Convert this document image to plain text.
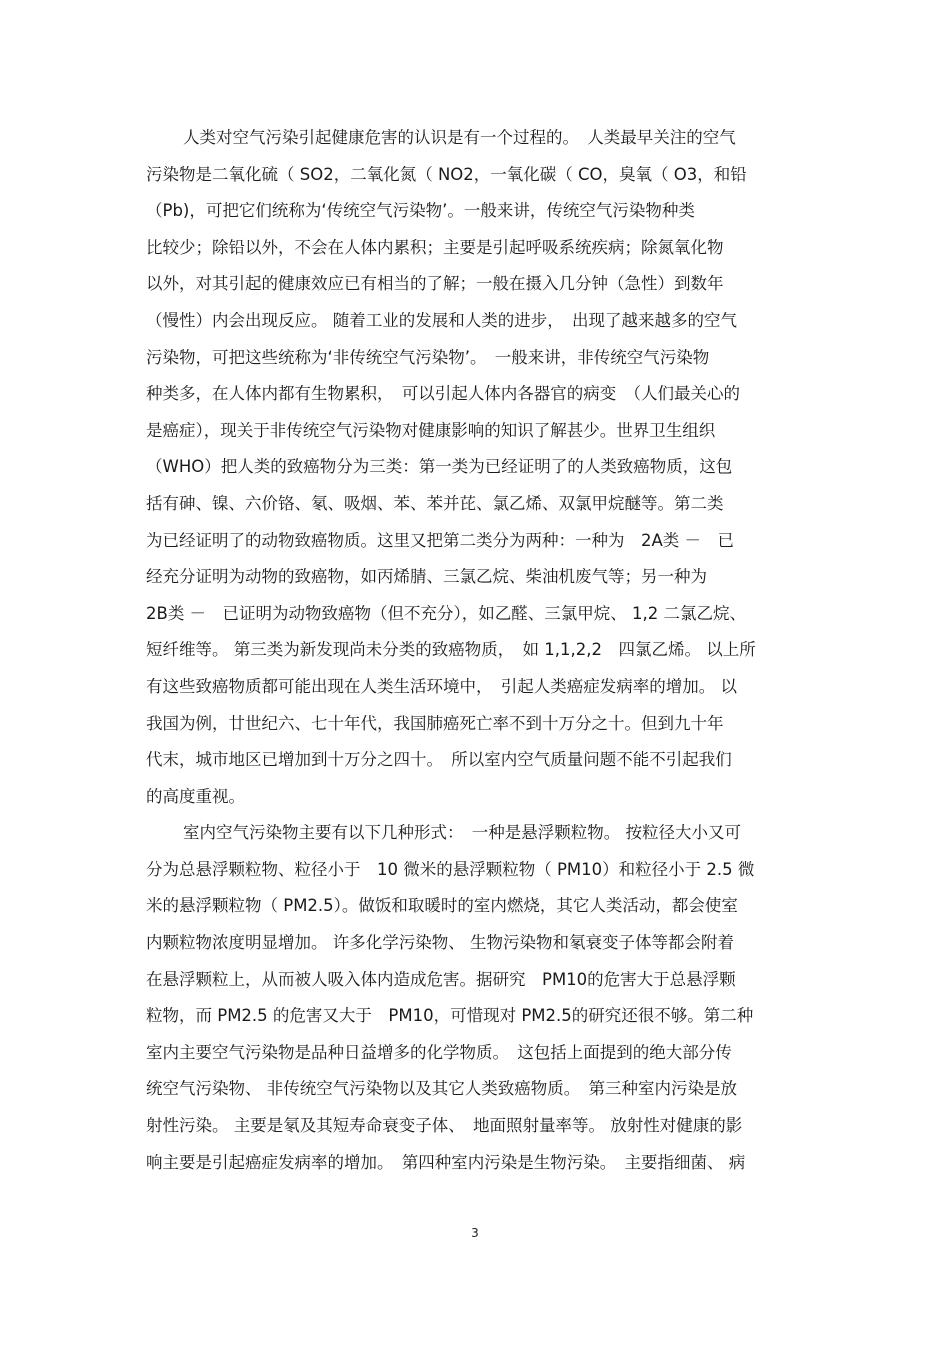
人类对空气污染引起健康危害的认识是有一个过程的。　人类最早关注的空气
污染物是二氧化硫（ SO2，二氧化氮（ NO2，一氧化碳（ CO，臭氧（ O3，和铅
（Pb)，可把它们统称为‘传统空气污染物’。一般来讲，传统空气污染物种类
比较少；除铅以外，不会在人体内累积；主要是引起呼吸系统疾病；除氮氧化物
以外，对其引起的健康效应已有相当的了解；一般在摄入几分钟（急性）到数年
（慢性）内会出现反应。 随着工业的发展和人类的进步，　出现了越来越多的空气
污染物，可把这些统称为‘非传统空气污染物’。　一般来讲，非传统空气污染物
种类多，在人体内都有生物累积，　可以引起人体内各器官的病变　（人们最关心的
是癌症），现关于非传统空气污染物对健康影响的知识了解甚少。世界卫生组织
（WHO）把人类的致癌物分为三类：第一类为已经证明了的人类致癌物质，这包
括有砷、镍、六价铬、氡、吸烟、苯、苯并芘、氯乙烯、双氯甲烷醚等。第二类
为已经证明了的动物致癌物质。这里又把第二类分为两种：一种为　2A类 －　已
经充分证明为动物的致癌物，如丙烯腈、三氯乙烷、柴油机废气等；另一种为
2B类 －　已证明为动物致癌物（但不充分），如乙醛、三氯甲烷、 1,2 二氯乙烷、
短纤维等。 第三类为新发现尚未分类的致癌物质，　如 1,1,2,2　四氯乙烯。 以上所
有这些致癌物质都可能出现在人类生活环境中，　引起人类癌症发病率的增加。 以
我国为例，廿世纪六、七十年代，我国肺癌死亡率不到十万分之十。但到九十年
代末，城市地区已增加到十万分之四十。　所以室内空气质量问题不能不引起我们
的高度重视。
室内空气污染物主要有以下几种形式：　一种是悬浮颗粒物。 按粒径大小又可
分为总悬浮颗粒物、粒径小于　10 微米的悬浮颗粒物（ PM10）和粒径小于 2.5 微
米的悬浮颗粒物（ PM2.5）。做饭和取暖时的室内燃烧，其它人类活动，都会使室
内颗粒物浓度明显增加。 许多化学污染物、 生物污染物和氡衰变子体等都会附着
在悬浮颗粒上，从而被人吸入体内造成危害。据研究　PM10的危害大于总悬浮颗
粒物，而 PM2.5 的危害又大于　PM10，可惜现对 PM2.5的研究还很不够。第二种
室内主要空气污染物是品种日益增多的化学物质。　这包括上面提到的绝大部分传
统空气污染物、 非传统空气污染物以及其它人类致癌物质。　第三种室内污染是放
射性污染。 主要是氡及其短寿命衰变子体、　地面照射量率等。 放射性对健康的影
响主要是引起癌症发病率的增加。　第四种室内污染是生物污染。　主要指细菌、 病
3
